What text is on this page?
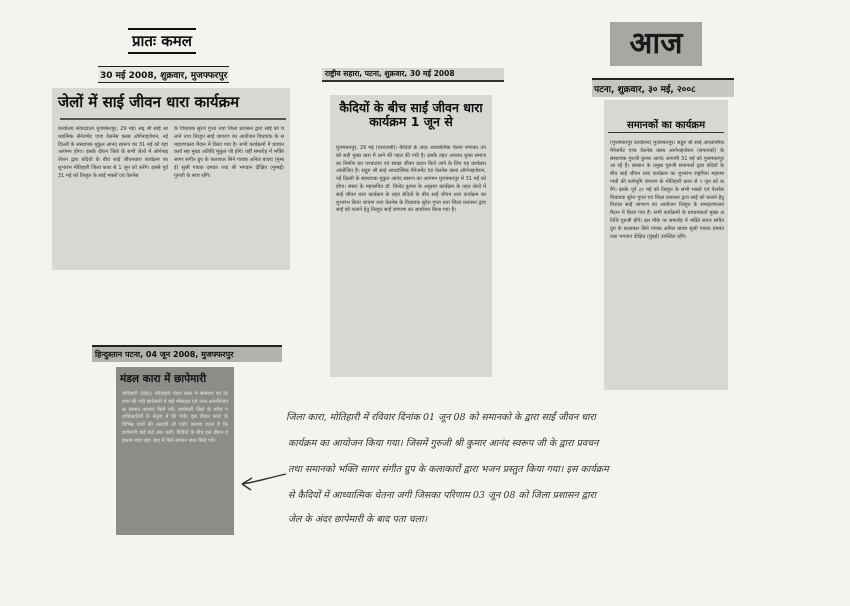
जेलों में साई जीवन धारा कार्यक्रम
कार्यालय संवाददाता मुजफ्फरपुर, 29 मई। सद् श्री साई आध्यात्मिक सैनेजमेंट एण्ड वेलनेस क्लब ऑर्गनाइजेशन, नई दिल्ली के संस्थापक मुकुल आनंद स्वरूप का 31 मई को यहां आगमन होगा। इसके दौरान जिले के सभी जेलों में ऑर्गनाइजेशन द्वारा बंदियों के बीच साई जीवनधारा कार्यक्रम का शुभारंभ मोतिहारी जिला कारा से 1 जून को करेंगे। इससे पूर्व 31 मई को तिरहुत के साई भक्तों एवं वेलनेस
के विधायक सुरेश गुप्ता तथा जिला प्रशासन द्वारा साईं को चलाने तथा तिरहुत साई जागरण का आयोजन विधायक के समाहरणालय मैदान में किया गया है। सभी कार्यक्रमों में प्रवचन कार्य सह मुख्य अतिथि मुकुल जी होंगे। वहीं समारोह में भक्ति सागर संगीत ग्रुप के कलाकार सिने गायक अनिल बावरा (मुम्बई) सुश्री गायक दमयंत तथा श्री भगवान दीक्षित (मुम्बई) गुरुजी के साथ रहेंगे।
प्रातः कमल
30 मई 2008, शुक्रवार, मुजफ्फरपुर	राष्ट्रीय सहारा, पटना, शुक्रवार, 30 मई 2008
कैदियों के बीच साईं जीवन धारा कार्यक्रम 1 जून से
मुजफ्फरपुर, 29 मई (एसएनबी)। कैदियों के अंदर आध्यात्मिक चेतना जगाकर उनको सही मुख्य धारा में लाने की पहल की गयी है। इसके तहत अपराध मुक्त समाज का निर्माण कर पश्चाताप एवं स्वच्छ जीवन प्रदान किये जाने के लिए यह कार्यक्रम आयोजित है। सद्गुरु श्री साई आध्यात्मिक मैनेजमेंट एंड वेलनेस क्लब ऑर्गनाइजेशन, नई दिल्ली के संस्थापक मुकुल आनंद स्वरूप का आगमन मुजफ्फरपुर में 31 मई को होगा। संस्था के महासचिव डॉ. विनोद कुमार के अनुसार कार्यक्रम के तहत जेलों में साई जीवन धारा कार्यक्रम के तहत बंदियों के बीच साईं जीवन धारा कार्यक्रम का शुभारंभ किया जाएगा तथा वेलनेस के विधायक सुरेश गुप्ता तथा जिला प्रशासन द्वारा साईं को चलाने हेतु तिरहुत साईं जागरण का आयोजन किया गया है।
आज
पटना, शुक्रवार, ३० मई, २००८
समानकों का कार्यक्रम
(मुजफ्फरपुर कार्यालय) मुजफ्फरपुर। सद्गुरु श्री साई आध्यात्मिक मैनेजमेंट एण्ड वेलनेस क्लब आर्गनाइजेशन (समानकों) के संस्थापक गुरुजी कुमार आनंद आगामी 31 मई को मुजफ्फरपुर आ रहे हैं। संस्थान के प्रमुख गुरुजी समानकों द्वारा बंदियों के बीच साईं जीवन धारा कार्यक्रम का शुभारंभ राष्ट्रपिता महात्मा गांधी की कर्मभूमि चंपारण के मोतिहारी कारा से १ जून को करेंगे। इसके पूर्व ३१ मई को तिरहुत के सभी भक्तों एवं वेलनेस विधायक सुरेश गुप्ता एवं जिला प्रशासन द्वारा साईं को चलाने हेतु विशाल साईं जागरण का आयोजन तिरहुत के समाहरणालय मैदान में किया गया है। सभी कार्यक्रमों के प्रवचनकर्ता मुख्य अतिथि गुरुजी होंगे। इस मौके पर समारोह में भक्ति सागर संगीत ग्रुप के कलाकार सिने गायक अनिल बावरा सुश्री गायक दमयंत तथा भगवान दीक्षित (मुंबई) उपस्थित रहेंगे।
हिन्दुस्तान पटना, 04 जून 2008, मुजफ्फरपुर
मंडल कारा में छापेमारी
मोतिहारी (हिप्र)। मोतिहारी मंडल कारा में सोमवार को देर शाम की गयी छापेमारी में कई मोबाइल एवं अन्य आपत्तिजनक सामान बरामद किये गये। छापेमारी जिले के वरीय पदाधिकारियों के नेतृत्व में की गयी। इस दौरान कारा के विभिन्न वार्डों की तलाशी ली गयी। बताया जाता है कि छापेमारी कई घंटों तक चली। कैदियों के बीच इस दौरान हड़कम्प मचा रहा। बाद में मिले सामान जब्त किये गये।
जिला कारा, मोतिहारी में रविवार दिनांक 01 जून 08 को समानको के द्वारा साईं जीवन धारा
कार्यक्रम का आयोजन किया गया। जिसमें गुरुजी श्री कुमार आनंद स्वरूप जी के द्वारा प्रवचन
तथा समानको भक्ति सागर संगीत ग्रुप के कलाकारों द्वारा भजन प्रस्तुत किया गया। इस कार्यक्रम
से कैदियों में आध्यात्मिक चेतना जगी जिसका परिणाम 03 जून 08 को जिला प्रशासन द्वारा
जेल के अंदर छापेमारी के बाद पता चला।
